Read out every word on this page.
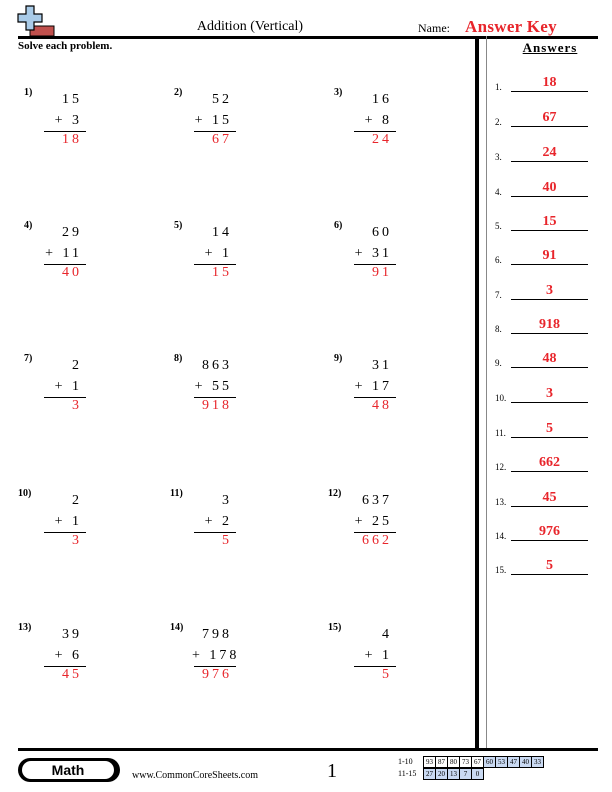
Addition (Vertical)	Name: Answer Key
Solve each problem.
1)	15
+ 3
18
2)	52
+ 15
67
3)	16
+ 8
24
4)	29
+ 11
40
5)	14
+ 1
15
6)	60
+ 31
91
7)	2
+ 1
3
8)	863
+ 55
918
9)	31
+ 17
48
10)	2
+ 1
3
11)	3
+ 2
5
12)	637
+ 25
662
13)	39
+ 6
45
14)	798
+ 178
976
15)	4
+ 1
5
Answers
1.	18
2.	67
3.	24
4.	40
5.	15
6.	91
7.	3
8.	918
9.	48
10.	3
11.	5
12.	662
13.	45
14.	976
15.	5
Math	www.CommonCoreSheets.com	1	1-10	93 87 80 73 67 60 53 47 40 33
11-15	27 20 13 7	0
